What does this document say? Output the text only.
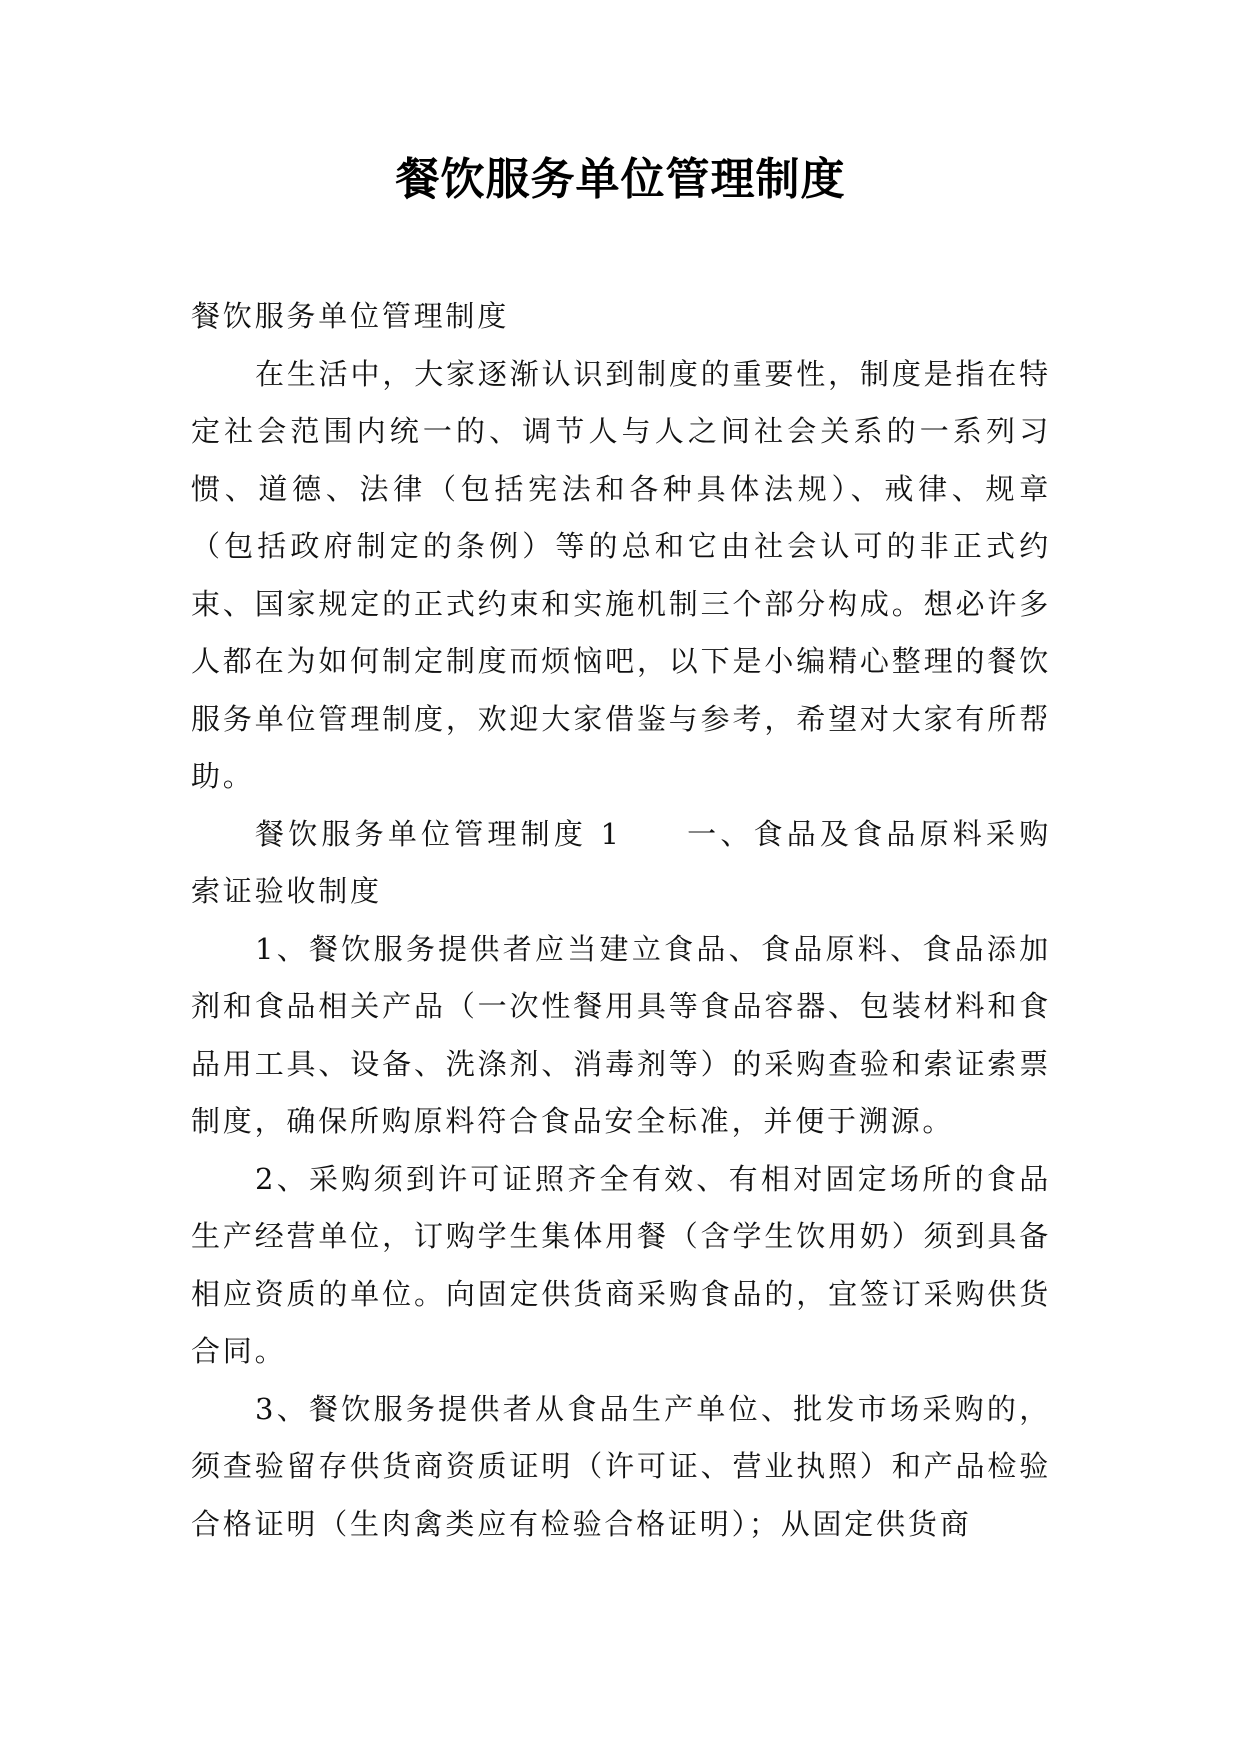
餐饮服务单位管理制度

餐饮服务单位管理制度

在生活中，大家逐渐认识到制度的重要性，制度是指在特定社会范围内统一的、调节人与人之间社会关系的一系列习惯、道德、法律（包括宪法和各种具体法规）、戒律、规章（包括政府制定的条例）等的总和它由社会认可的非正式约束、国家规定的正式约束和实施机制三个部分构成。想必许多人都在为如何制定制度而烦恼吧，以下是小编精心整理的餐饮服务单位管理制度，欢迎大家借鉴与参考，希望对大家有所帮助。

餐饮服务单位管理制度 1 一、食品及食品原料采购索证验收制度

1、餐饮服务提供者应当建立食品、食品原料、食品添加剂和食品相关产品（一次性餐用具等食品容器、包装材料和食品用工具、设备、洗涤剂、消毒剂等）的采购查验和索证索票制度，确保所购原料符合食品安全标准，并便于溯源。

2、采购须到许可证照齐全有效、有相对固定场所的食品生产经营单位，订购学生集体用餐（含学生饮用奶）须到具备相应资质的单位。向固定供货商采购食品的，宜签订采购供货合同。

3、餐饮服务提供者从食品生产单位、批发市场采购的，须查验留存供货商资质证明（许可证、营业执照）和产品检验合格证明（生肉禽类应有检验合格证明）；从固定供货商
